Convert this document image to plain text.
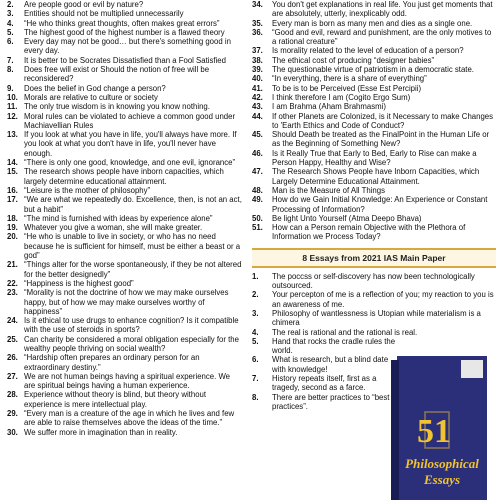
2. Are people good or evil by nature?
3. Entities should not be multiplied unnecessarily
4. “He who thinks great thoughts, often makes great errors”
5. The highest good of the highest number is a flawed theory
6. Every day may not be good… but there's something good in every day.
7. It is better to be Socrates Dissatisfied than a Fool Satisfied
8. Does free will exist or Should the notion of free will be reconsidered?
9. Does the belief in God change a person?
10. Morals are relative to culture or society
11. The only true wisdom is in knowing you know nothing.
12. Moral rules can be violated to achieve a common good under Machiavellian Rules
13. If you look at what you have in life, you'll always have more. If you look at what you don't have in life, you'll never have enough.
14. “There is only one good, knowledge, and one evil, ignorance”
15. The research shows people have inborn capacities, which largely determine educational attainment.
16. “Leisure is the mother of philosophy”
17. “We are what we repeatedly do. Excellence, then, is not an act, but a habit”
18. “The mind is furnished with ideas by experience alone”
19. Whatever you give a woman, she will make greater.
20. “He who is unable to live in society, or who has no need because he is sufficient for himself, must be either a beast or a god”
21. “Things alter for the worse spontaneously, if they be not altered for the better designedly”
22. “Happiness is the highest good”
23. “Morality is not the doctrine of how we may make ourselves happy, but of how we may make ourselves worthy of happiness”
24. Is it ethical to use drugs to enhance cognition? Is it compatible with the use of steroids in sports?
25. Can charity be considered a moral obligation especially for the wealthy people thriving on social wealth?
26. “Hardship often prepares an ordinary person for an extraordinary destiny.”
27. We are not human beings having a spiritual experience. We are spiritual beings having a human experience.
28. Experience without theory is blind, but theory without experience is mere intellectual play.
29. “Every man is a creature of the age in which he lives and few are able to raise themselves above the ideas of the time.”
30. We suffer more in imagination than in reality.
34. You don't get explanations in real life. You just get moments that are absolutely, utterly, inexplicably odd.
35. Every man is born as many men and dies as a single one.
36. “Good and evil, reward and punishment, are the only motives to a rational creature”
37. Is morality related to the level of education of a person?
38. The ethical cost of producing “designer babies”
39. The questionable virtue of patriotism in a democratic state.
40. “In everything, there is a share of everything”
41. To be is to be Perceived (Esse Est Percipii)
42. I think therefore I am (Cogito Ergo Sum)
43. I am Brahma (Aham Brahmasmi)
44. If other Planets are Colonized, is it Necessary to make Changes to 'Earth Ethics and Code of Conduct?
45. Should Death be treated as the FinalPoint in the Human Life or as the Beginning of Something New?
46. Is it Really True that Early to Bed, Early to Rise can make a Person Happy, Healthy and Wise?
47. The Research Shows People have Inborn Capacities, which Largely Determine Educational Attainment.
48. Man is the Measure of All Things
49. How do we Gain Initial Knowledge: An Experience or Constant Processing of Information?
50. Be light Unto Yourself (Atma Deepo Bhava)
51. How can a Person remain Objective with the Plethora of Information we Process Today?
8 Essays from 2021 IAS Main Paper
1. The poccss or self-discovery has now been technologically outsourced.
2. Your percepton of me is a reflection of you; my reaction to you is an awareness of me.
3. Philosophy of wantlessness is Utopian while materialism is a chimera
4. The real is rational and the rational is real.
5. Hand that rocks the cradle rules the world.
6. What is research, but a blind date with knowledge!
7. History repeats itself, first as a tragedy, second as a farce.
8. There are better practices to “best practices”.
51
Philosophical
Essays
